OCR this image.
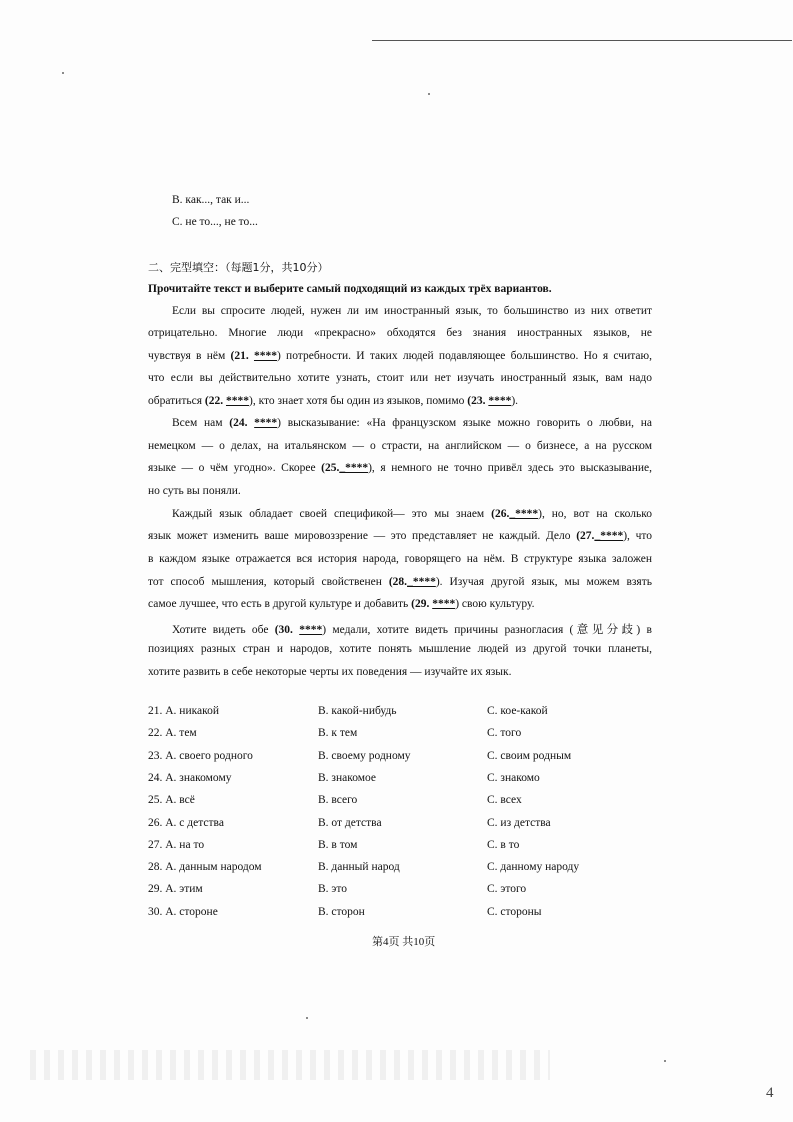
B. как..., так и...
C. не то..., не то...
二、完型填空：（每题1分，共10分）
Прочитайте текст и выберите самый подходящий из каждых трёх вариантов.
Если вы спросите людей, нужен ли им иностранный язык, то большинство из них ответит
отрицательно. Многие люди «прекрасно» обходятся без знания иностранных языков, не
чувствуя в нём (21. ****) потребности. И таких людей подавляющее большинство. Но я считаю,
что если вы действительно хотите узнать, стоит или нет изучать иностранный язык, вам надо
обратиться (22. ****), кто знает хотя бы один из языков, помимо (23. ****).
Всем нам (24. ****) высказывание: «На французском языке можно говорить о любви, на
немецком — о делах, на итальянском — о страсти, на английском — о бизнесе, а на русском
языке — о чём угодно». Скорее (25._****), я немного не точно привёл здесь это высказывание,
но суть вы поняли.
Каждый язык обладает своей спецификой— это мы знаем (26._****), но, вот на сколько
язык может изменить ваше мировоззрение — это представляет не каждый. Дело (27._****), что
в каждом языке отражается вся история народа, говорящего на нём. В структуре языка заложен
тот способ мышления, который свойственен (28._****). Изучая другой язык, мы можем взять
самое лучшее, что есть в другой культуре и добавить (29. ****) свою культуру.
Хотите видеть обе (30. ****) медали, хотите видеть причины разногласия (意见分歧) в
позициях разных стран и народов, хотите понять мышление людей из другой точки планеты,
хотите развить в себе некоторые черты их поведения — изучайте их язык.
21. А. никакой	B. какой-нибудь	C. кое-какой
22. А. тем	B. к тем	C. того
23. А. своего родного	B. своему родному	C. своим родным
24. А. знакомому	B. знакомое	C. знакомо
25. А. всё	B. всего	C. всех
26. А. с детства	B. от детства	C. из детства
27. А. на то	B. в том	C. в то
28. А. данным народом	B. данный народ	C. данному народу
29. А. этим	B. это	C. этого
30. А. стороне	B. сторон	C. стороны
第4页 共10页
4
